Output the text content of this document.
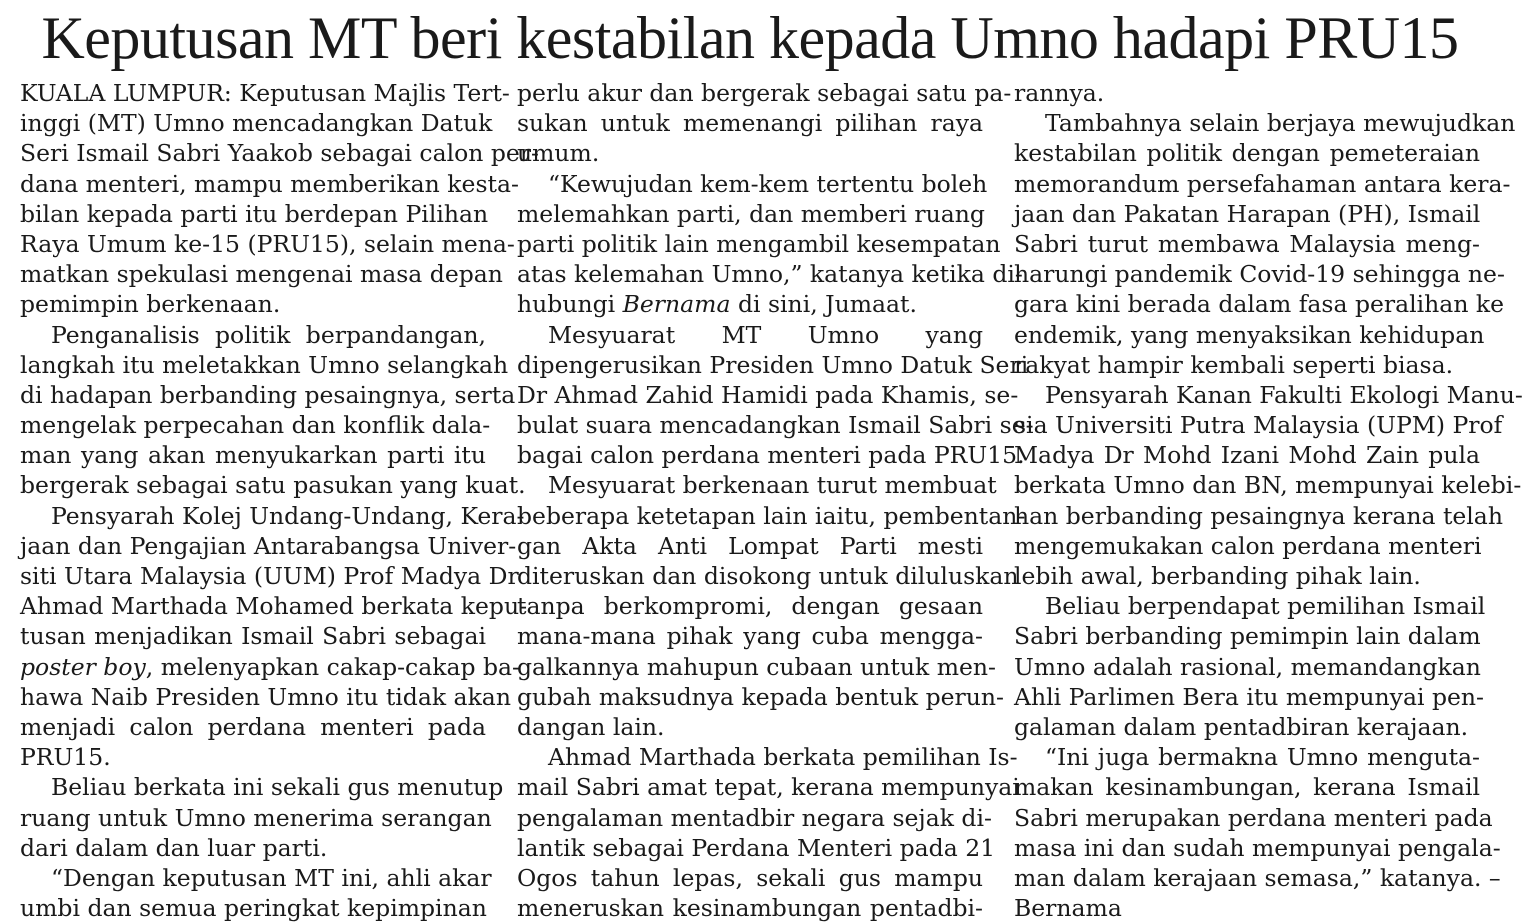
Keputusan MT beri kestabilan kepada Umno hadapi PRU15
KUALA LUMPUR: Keputusan Majlis Tert-
inggi (MT) Umno mencadangkan Datuk
Seri Ismail Sabri Yaakob sebagai calon per-
dana menteri, mampu memberikan kesta-
bilan kepada parti itu berdepan Pilihan
Raya Umum ke-15 (PRU15), selain mena-
matkan spekulasi mengenai masa depan
pemimpin berkenaan.
Penganalisis politik berpandangan,
langkah itu meletakkan Umno selangkah
di hadapan berbanding pesaingnya, serta
mengelak perpecahan dan konflik dala-
man yang akan menyukarkan parti itu
bergerak sebagai satu pasukan yang kuat.
Pensyarah Kolej Undang-Undang, Kera-
jaan dan Pengajian Antarabangsa Univer-
siti Utara Malaysia (UUM) Prof Madya Dr
Ahmad Marthada Mohamed berkata kepu-
tusan menjadikan Ismail Sabri sebagai
poster boy, melenyapkan cakap-cakap ba-
hawa Naib Presiden Umno itu tidak akan
menjadi calon perdana menteri pada
PRU15.
Beliau berkata ini sekali gus menutup
ruang untuk Umno menerima serangan
dari dalam dan luar parti.
“Dengan keputusan MT ini, ahli akar
umbi dan semua peringkat kepimpinan
perlu akur dan bergerak sebagai satu pa-
sukan untuk memenangi pilihan raya
umum.
“Kewujudan kem-kem tertentu boleh
melemahkan parti, dan memberi ruang
parti politik lain mengambil kesempatan
atas kelemahan Umno,” katanya ketika di-
hubungi Bernama di sini, Jumaat.
Mesyuarat MT Umno yang
dipengerusikan Presiden Umno Datuk Seri
Dr Ahmad Zahid Hamidi pada Khamis, se-
bulat suara mencadangkan Ismail Sabri se-
bagai calon perdana menteri pada PRU15.
Mesyuarat berkenaan turut membuat
beberapa ketetapan lain iaitu, pembentan-
gan Akta Anti Lompat Parti mesti
diteruskan dan disokong untuk diluluskan
tanpa berkompromi, dengan gesaan
mana-mana pihak yang cuba mengga-
galkannya mahupun cubaan untuk men-
gubah maksudnya kepada bentuk perun-
dangan lain.
Ahmad Marthada berkata pemilihan Is-
mail Sabri amat tepat, kerana mempunyai
pengalaman mentadbir negara sejak di-
lantik sebagai Perdana Menteri pada 21
Ogos tahun lepas, sekali gus mampu
meneruskan kesinambungan pentadbi-
rannya.
Tambahnya selain berjaya mewujudkan
kestabilan politik dengan pemeteraian
memorandum persefahaman antara kera-
jaan dan Pakatan Harapan (PH), Ismail
Sabri turut membawa Malaysia meng-
harungi pandemik Covid-19 sehingga ne-
gara kini berada dalam fasa peralihan ke
endemik, yang menyaksikan kehidupan
rakyat hampir kembali seperti biasa.
Pensyarah Kanan Fakulti Ekologi Manu-
sia Universiti Putra Malaysia (UPM) Prof
Madya Dr Mohd Izani Mohd Zain pula
berkata Umno dan BN, mempunyai kelebi-
han berbanding pesaingnya kerana telah
mengemukakan calon perdana menteri
lebih awal, berbanding pihak lain.
Beliau berpendapat pemilihan Ismail
Sabri berbanding pemimpin lain dalam
Umno adalah rasional, memandangkan
Ahli Parlimen Bera itu mempunyai pen-
galaman dalam pentadbiran kerajaan.
“Ini juga bermakna Umno menguta-
makan kesinambungan, kerana Ismail
Sabri merupakan perdana menteri pada
masa ini dan sudah mempunyai pengala-
man dalam kerajaan semasa,” katanya. –
Bernama
